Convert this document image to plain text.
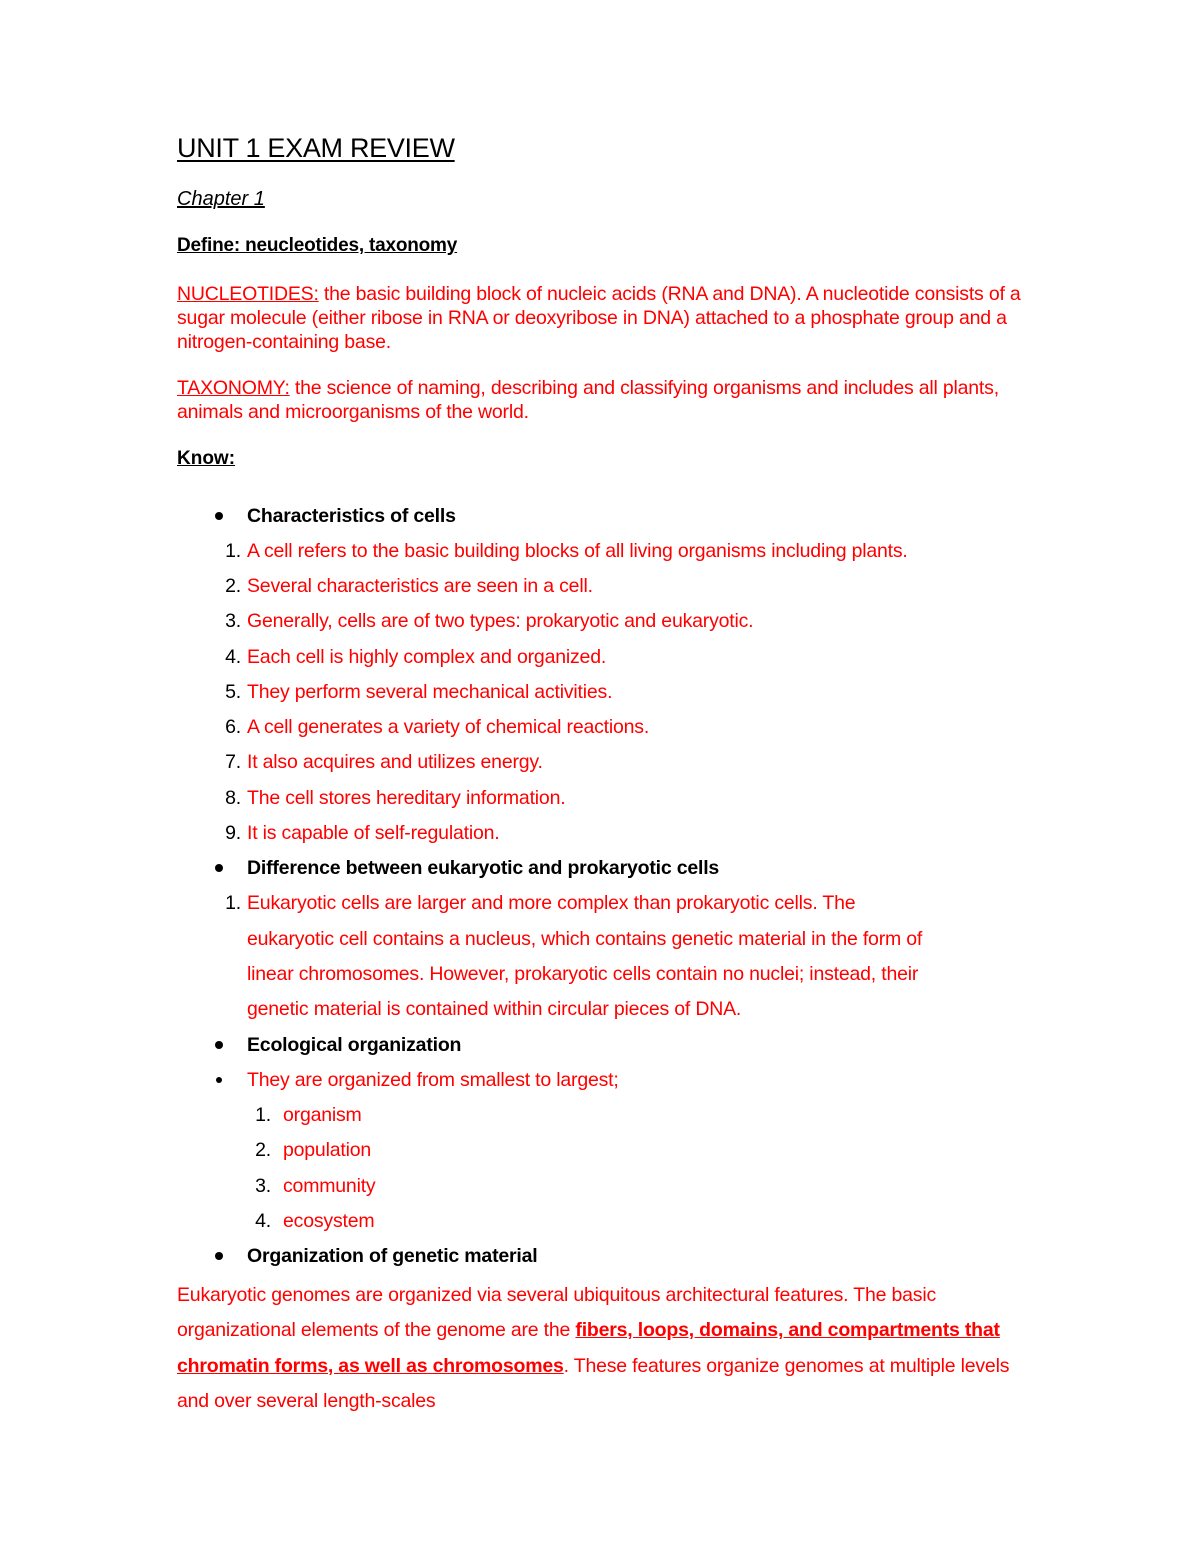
UNIT 1 EXAM REVIEW
Chapter 1
Define: neucleotides, taxonomy
NUCLEOTIDES: the basic building block of nucleic acids (RNA and DNA). A nucleotide consists of a sugar molecule (either ribose in RNA or deoxyribose in DNA) attached to a phosphate group and a nitrogen-containing base.
TAXONOMY: the science of naming, describing and classifying organisms and includes all plants, animals and microorganisms of the world.
Know:
Characteristics of cells
1. A cell refers to the basic building blocks of all living organisms including plants.
2. Several characteristics are seen in a cell.
3. Generally, cells are of two types: prokaryotic and eukaryotic.
4. Each cell is highly complex and organized.
5. They perform several mechanical activities.
6. A cell generates a variety of chemical reactions.
7. It also acquires and utilizes energy.
8. The cell stores hereditary information.
9. It is capable of self-regulation.
Difference between eukaryotic and prokaryotic cells
1. Eukaryotic cells are larger and more complex than prokaryotic cells. The
eukaryotic cell contains a nucleus, which contains genetic material in the form of
linear chromosomes. However, prokaryotic cells contain no nuclei; instead, their
genetic material is contained within circular pieces of DNA.
Ecological organization
They are organized from smallest to largest;
1. organism
2. population
3. community
4. ecosystem
Organization of genetic material
Eukaryotic genomes are organized via several ubiquitous architectural features. The basic organizational elements of the genome are the fibers, loops, domains, and compartments that chromatin forms, as well as chromosomes. These features organize genomes at multiple levels and over several length-scales
